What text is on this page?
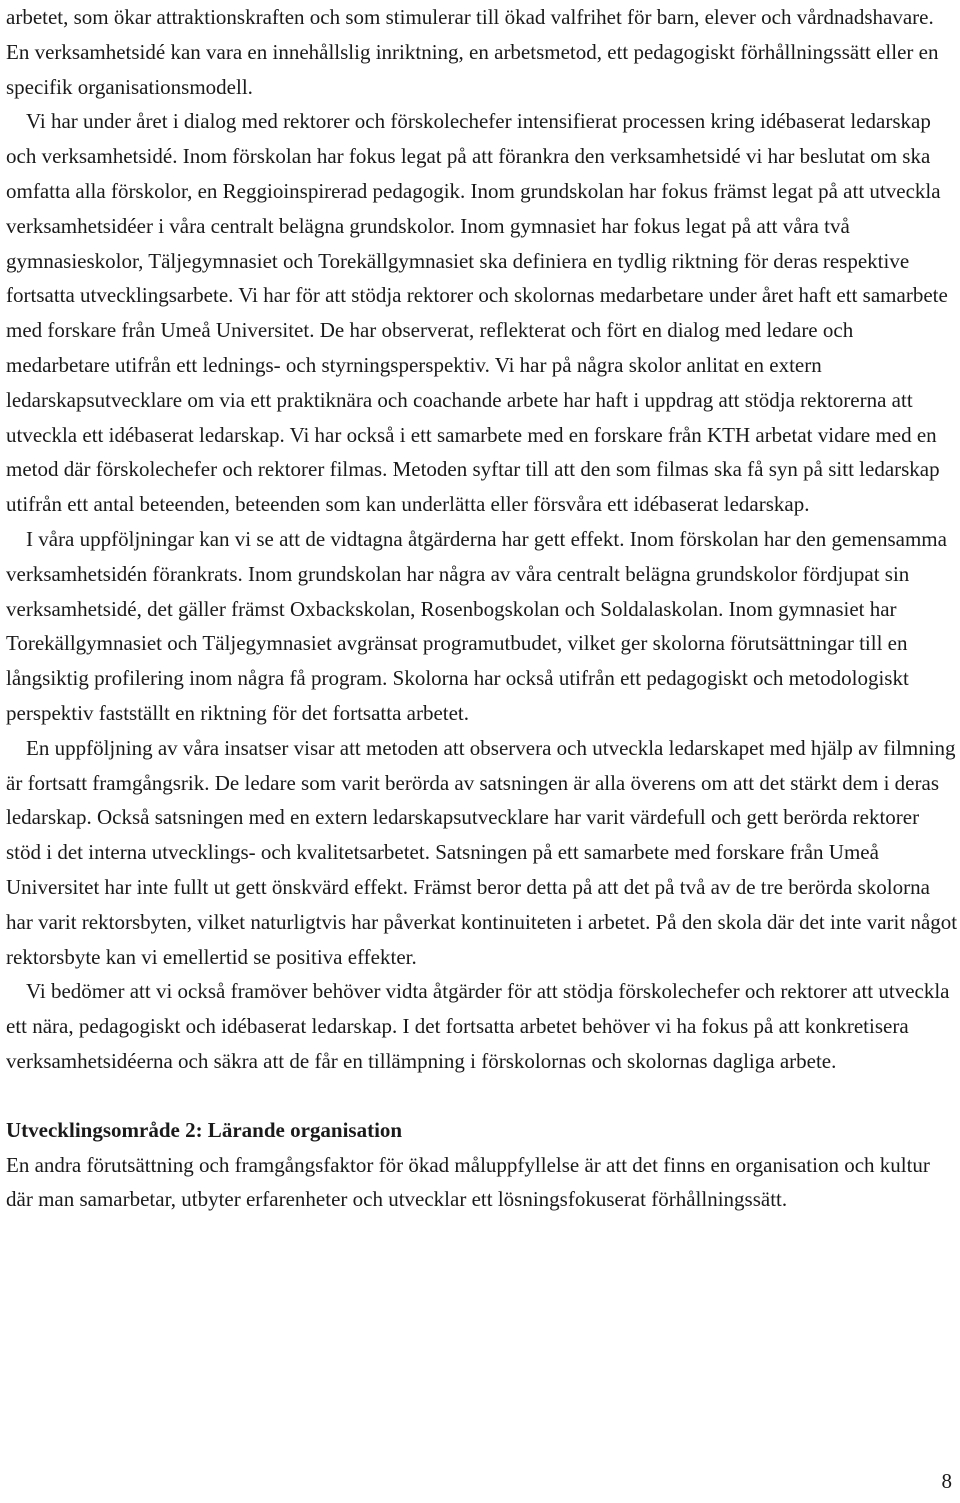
arbetet, som ökar attraktionskraften och som stimulerar till ökad valfrihet för barn, elever och vårdnadshavare. En verksamhetsidé kan vara en innehållslig inriktning, en arbetsmetod, ett pedagogiskt förhållningssätt eller en specifik organisationsmodell.

Vi har under året i dialog med rektorer och förskolechefer intensifierat processen kring idébaserat ledarskap och verksamhetsidé. Inom förskolan har fokus legat på att förankra den verksamhetsidé vi har beslutat om ska omfatta alla förskolor, en Reggioinspirerad pedagogik. Inom grundskolan har fokus främst legat på att utveckla verksamhetsidéer i våra centralt belägna grundskolor. Inom gymnasiet har fokus legat på att våra två gymnasieskolor, Täljegymnasiet och Torekällgymnasiet ska definiera en tydlig riktning för deras respektive fortsatta utvecklingsarbete. Vi har för att stödja rektorer och skolornas medarbetare under året haft ett samarbete med forskare från Umeå Universitet. De har observerat, reflekterat och fört en dialog med ledare och medarbetare utifrån ett lednings- och styrningsperspektiv. Vi har på några skolor anlitat en extern ledarskapsutvecklare om via ett praktiknära och coachande arbete har haft i uppdrag att stödja rektorerna att utveckla ett idébaserat ledarskap. Vi har också i ett samarbete med en forskare från KTH arbetat vidare med en metod där förskolechefer och rektorer filmas. Metoden syftar till att den som filmas ska få syn på sitt ledarskap utifrån ett antal beteenden, beteenden som kan underlätta eller försvåra ett idébaserat ledarskap.

I våra uppföljningar kan vi se att de vidtagna åtgärderna har gett effekt. Inom förskolan har den gemensamma verksamhetsidén förankrats. Inom grundskolan har några av våra centralt belägna grundskolor fördjupat sin verksamhetsidé, det gäller främst Oxbackskolan, Rosenbogskolan och Soldalaskolan. Inom gymnasiet har Torekällgymnasiet och Täljegymnasiet avgränsat programutbudet, vilket ger skolorna förutsättningar till en långsiktig profilering inom några få program. Skolorna har också utifrån ett pedagogiskt och metodologiskt perspektiv fastställt en riktning för det fortsatta arbetet.

En uppföljning av våra insatser visar att metoden att observera och utveckla ledarskapet med hjälp av filmning är fortsatt framgångsrik. De ledare som varit berörda av satsningen är alla överens om att det stärkt dem i deras ledarskap. Också satsningen med en extern ledarskapsutvecklare har varit värdefull och gett berörda rektorer stöd i det interna utvecklings- och kvalitetsarbetet. Satsningen på ett samarbete med forskare från Umeå Universitet har inte fullt ut gett önskvärd effekt. Främst beror detta på att det på två av de tre berörda skolorna har varit rektorsbyten, vilket naturligtvis har påverkat kontinuiteten i arbetet. På den skola där det inte varit något rektorsbyte kan vi emellertid se positiva effekter.

Vi bedömer att vi också framöver behöver vidta åtgärder för att stödja förskolechefer och rektorer att utveckla ett nära, pedagogiskt och idébaserat ledarskap. I det fortsatta arbetet behöver vi ha fokus på att konkretisera verksamhetsidéerna och säkra att de får en tillämpning i förskolornas och skolornas dagliga arbete.

Utvecklingsområde 2: Lärande organisation

En andra förutsättning och framgångsfaktor för ökad måluppfyllelse är att det finns en organisation och kultur där man samarbetar, utbyter erfarenheter och utvecklar ett lösningsfokuserat förhållningssätt.

8
